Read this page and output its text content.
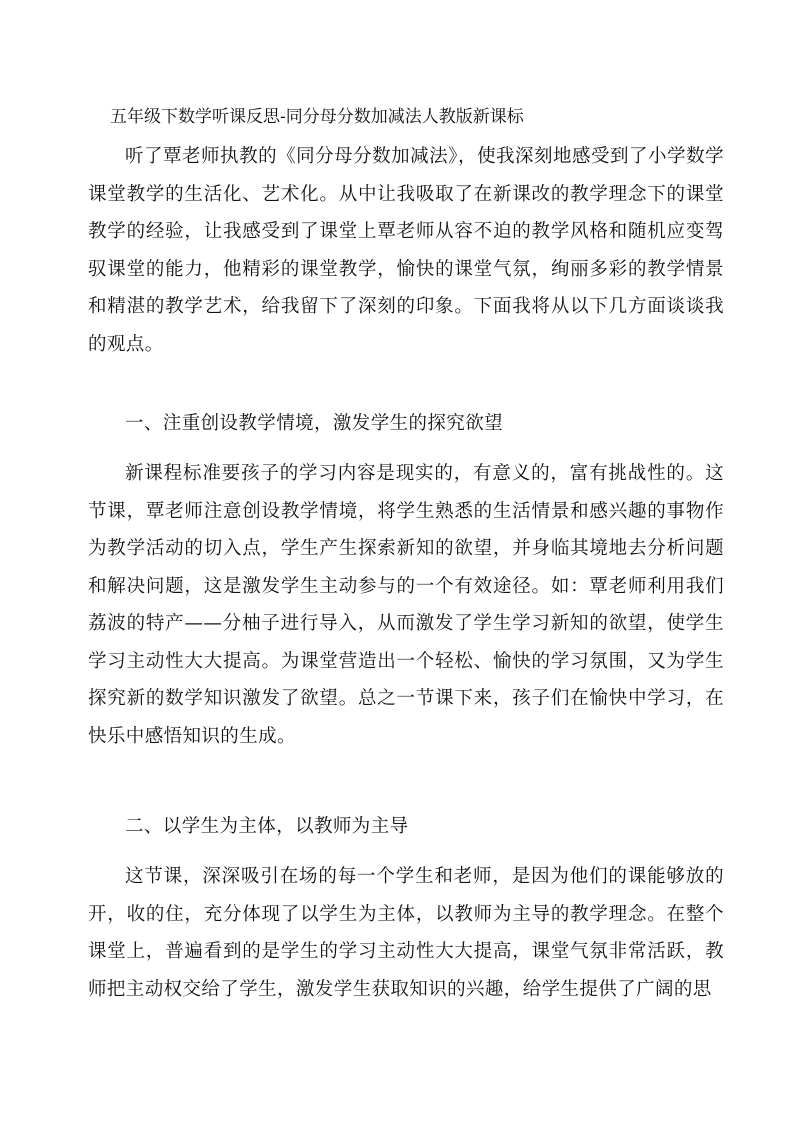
五年级下数学听课反思-同分母分数加减法人教版新课标

听了覃老师执教的《同分母分数加减法》，使我深刻地感受到了小学数学课堂教学的生活化、艺术化。从中让我吸取了在新课改的教学理念下的课堂教学的经验，让我感受到了课堂上覃老师从容不迫的教学风格和随机应变驾驭课堂的能力，他精彩的课堂教学，愉快的课堂气氛，绚丽多彩的教学情景和精湛的教学艺术，给我留下了深刻的印象。下面我将从以下几方面谈谈我的观点。

一、注重创设教学情境，激发学生的探究欲望

新课程标准要孩子的学习内容是现实的，有意义的，富有挑战性的。这节课，覃老师注意创设教学情境，将学生熟悉的生活情景和感兴趣的事物作为教学活动的切入点，学生产生探索新知的欲望，并身临其境地去分析问题和解决问题，这是激发学生主动参与的一个有效途径。如：覃老师利用我们荔波的特产——分柚子进行导入，从而激发了学生学习新知的欲望，使学生学习主动性大大提高。为课堂营造出一个轻松、愉快的学习氛围，又为学生探究新的数学知识激发了欲望。总之一节课下来，孩子们在愉快中学习，在快乐中感悟知识的生成。

二、以学生为主体，以教师为主导

这节课，深深吸引在场的每一个学生和老师，是因为他们的课能够放的开，收的住，充分体现了以学生为主体，以教师为主导的教学理念。在整个课堂上，普遍看到的是学生的学习主动性大大提高，课堂气氛非常活跃，教师把主动权交给了学生，激发学生获取知识的兴趣，给学生提供了广阔的思
